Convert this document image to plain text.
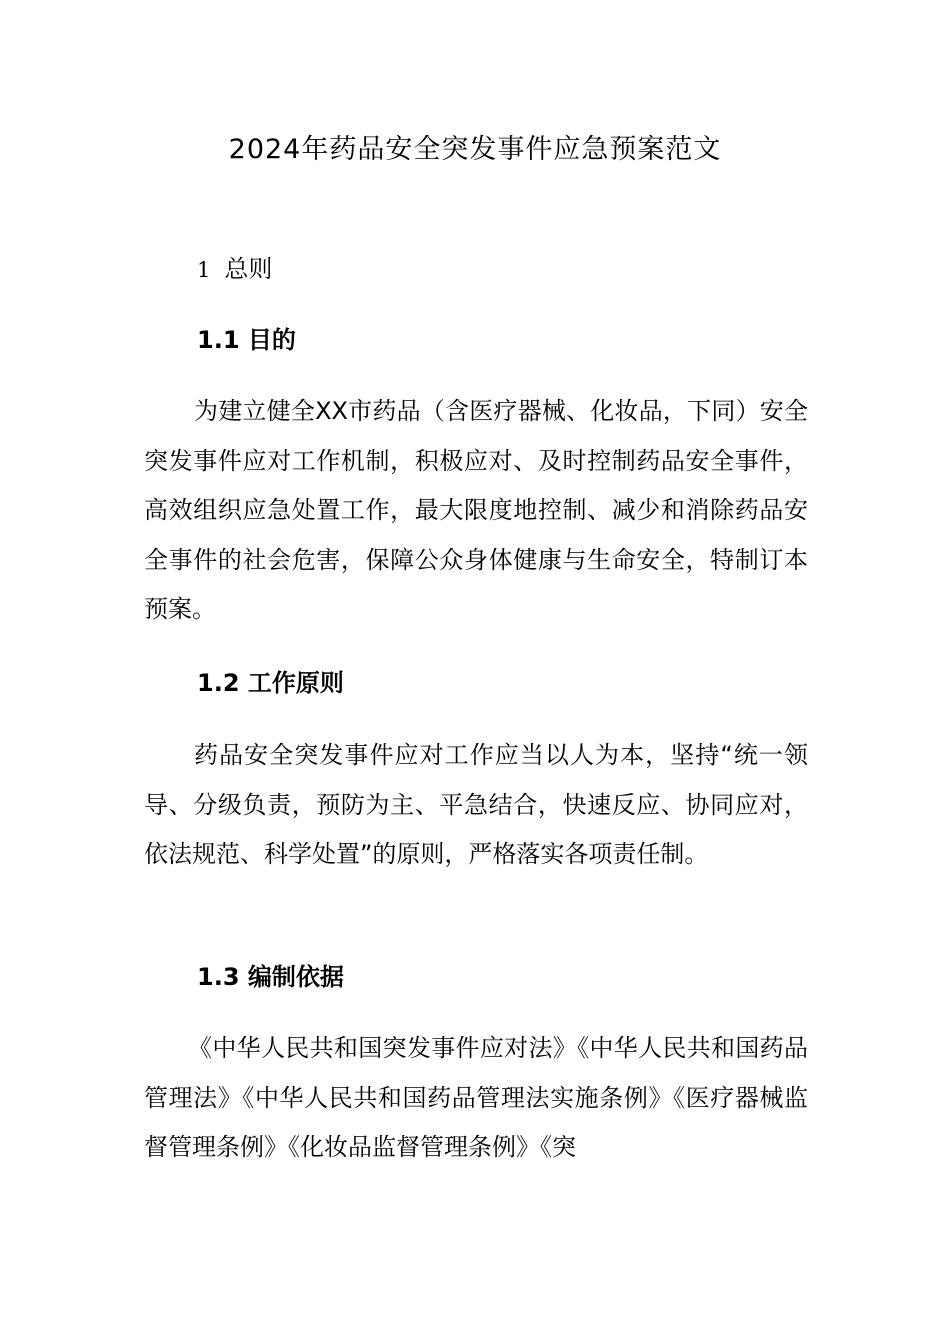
2024年药品安全突发事件应急预案范文
1 总则
1.1 目的

为建立健全XX市药品（含医疗器械、化妆品，下同）安全突发事件应对工作机制，积极应对、及时控制药品安全事件，高效组织应急处置工作，最大限度地控制、减少和消除药品安全事件的社会危害，保障公众身体健康与生命安全，特制订本预案。

1.2 工作原则

药品安全突发事件应对工作应当以人为本，坚持“统一领导、分级负责，预防为主、平急结合，快速反应、协同应对，依法规范、科学处置”的原则，严格落实各项责任制。

1.3 编制依据

《中华人民共和国突发事件应对法》《中华人民共和国药品管理法》《中华人民共和国药品管理法实施条例》《医疗器械监督管理条例》《化妆品监督管理条例》《突
